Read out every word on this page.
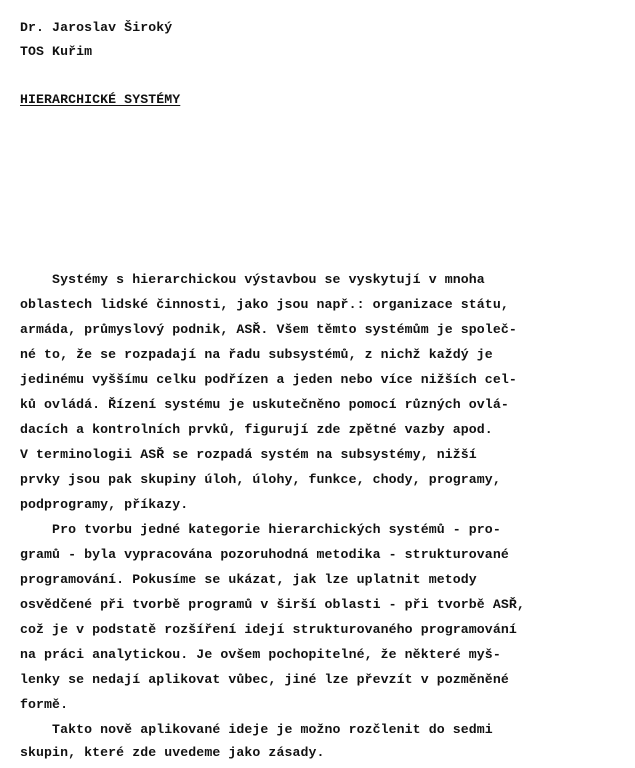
Dr. Jaroslav Široký
TOS Kuřim
HIERARCHICKÉ SYSTÉMY
Systémy s hierarchickou výstavbou se vyskytují v mnoha
oblastech lidské činnosti, jako jsou např.: organizace státu,
armáda, průmyslový podnik, ASŘ. Všem těmto systémům je společ-
né to, že se rozpadají na řadu subsystémů, z nichž každý je
jedinému vyššímu celku podřízen a jeden nebo více nižších cel-
ků ovládá. Řízení systému je uskutečněno pomocí různých ovlá-
dacích a kontrolních prvků, figurují zde zpětné vazby apod.
V terminologii ASŘ se rozpadá systém na subsystémy, nižší
prvky jsou pak skupiny úloh, úlohy, funkce, chody, programy,
podprogramy, příkazy.
Pro tvorbu jedné kategorie hierarchických systémů - pro-
gramů - byla vypracována pozoruhodná metodika - strukturované
programování. Pokusíme se ukázat, jak lze uplatnit metody
osvědčené při tvorbě programů v širší oblasti - při tvorbě ASŘ,
což je v podstatě rozšíření idejí strukturovaného programování
na práci analytickou. Je ovšem pochopitelné, že některé myš-
lenky se nedají aplikovat vůbec, jiné lze převzít v pozměněné
formě.
Takto nově aplikované ideje je možno rozčlenit do sedmi
skupin, které zde uvedeme jako zásady.
